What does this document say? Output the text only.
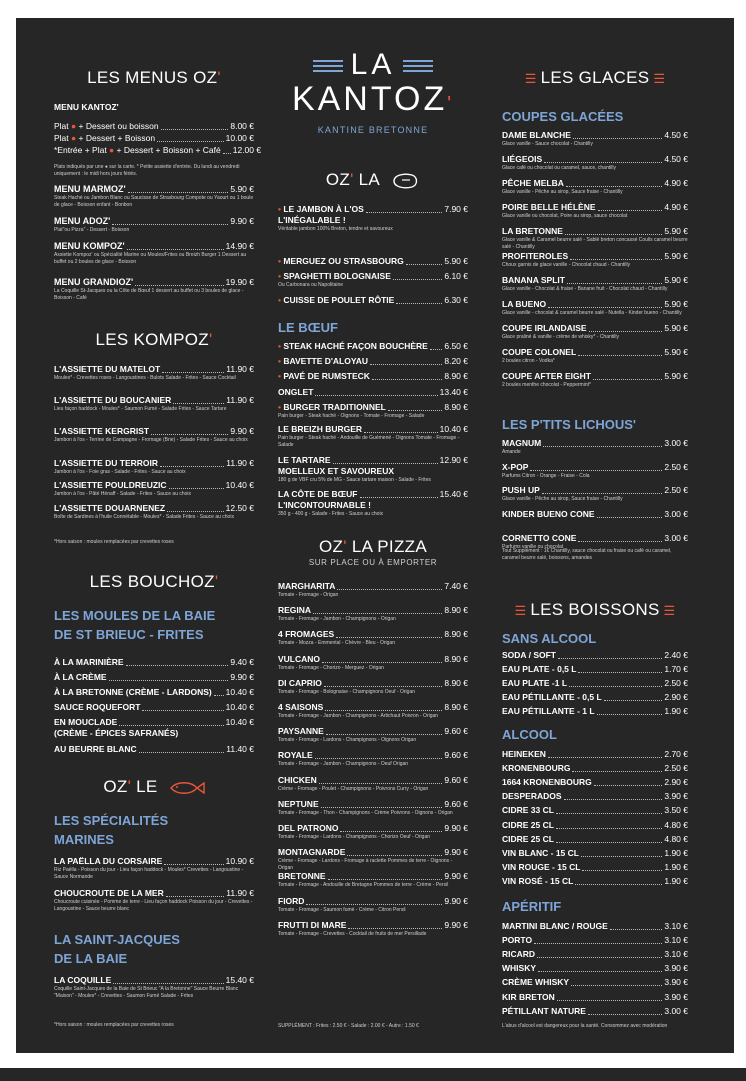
LES MENUS OZ'
MENU KANTOZ'
Plat ● + Dessert ou boisson	8.00 €
Plat ● + Dessert + Boisson	10.00 €
*Entrée + Plat ● + Dessert + Boisson + Café 12.00 €
Plats indiqués par une ● sur la carte. * Petite assiette d'entrée. Du lundi au vendredi uniquement : le midi hors jours fériés.
MENU MARMOZ'	5.90 €
Steak Haché ou Jambon Blanc ou Saucisse de Strasbourg Compote ou Yaourt ou 1 boule de glace - Boisson enfant - Bonbon
MENU ADOZ'	9.90 €
Plat"ou Pizza" - Dessert - Boisson
MENU KOMPOZ'	14.90 €
Assiette Kompoz' ou Spécialité Marine ou Moules/Frites ou Breizh Burger 1 Dessert au buffet ou 2 boules de glace - Boisson
MENU GRANDIOZ'	19.90 €
La Coquille St-Jacques ou la Côte de Bœuf 1 dessert au buffet ou 3 boules de glace - Boisson - Café
LES KOMPOZ'
L'ASSIETTE DU MATELOT	11.90 €
Moules* - Crevettes roses - Langoustines - Bulots Salade - Frites - Sauce Cocktail
L'ASSIETTE DU BOUCANIER	11.90 €
Lieu façon haddock - Moules* - Saumon Fumé - Salade Frites - Sauce Tartare
L'ASSIETTE KERGRIST	9.90 €
Jambon à l'os - Terrine de Campagne - Fromage (Brie) - Salade Frites - Sauce au choix
L'ASSIETTE DU TERROIR	11.90 €
Jambon à l'os - Foie gras - Salade - Frites - Sauce au choix
L'ASSIETTE POULDREUZIC	10.40 €
Jambon à l'os - Pâté Hénaff - Salade - Frites - Sauce au choix
L'ASSIETTE DOUARNENEZ	12.50 €
Boîte de Sardines à l'huile Connétable - Moules* - Salade Frites - Sauce au choix
*Hors saison : moules remplacées par crevettes roses
LES BOUCHOZ'
LES MOULES DE LA BAIE
DE ST BRIEUC - FRITES
À LA MARINIÈRE	9.40 €
À LA CRÈME	9.90 €
À LA BRETONNE (CRÈME - LARDONS) 10.40 €
SAUCE ROQUEFORT	10.40 €
EN MOUCLADE	10.40 €
(CRÈME - ÉPICES SAFRANÉS)
AU BEURRE BLANC	11.40 €
OZ' LE
LES SPÉCIALITÉS
MARINES
LA PAËLLA DU CORSAIRE	10.90 €
Riz Paëlla - Poisson du jour - Lieu façon haddock - Moules* Crevettes - Langoustine - Sauce Normande
CHOUCROUTE DE LA MER	11.90 €
Choucroute cuisinée - Pomme de terre - Lieu façon haddock Poisson du jour - Crevettes - Langoustine - Sauce beurre blanc
LA SAINT-JACQUES
DE LA BAIE
LA COQUILLE	15.40 €
Coquille Saint-Jacques de la Baie de St Brieuc "A la Bretonne" Sauce Beurre Blanc "Maison" - Moules* - Crevettes - Saumon Fumé Salade - Frites
*Hors saison : moules remplacées par crevettes roses
LA
KANTOZ'
KANTINE BRETONNE
OZ' LA
• LE JAMBON À L'OS	7.90 €
L'INÉGALABLE !
Véritable jambon 100% Breton, tendre et savoureux
• MERGUEZ OU STRASBOURG	5.90 €
• SPAGHETTI BOLOGNAISE	6.10 €
Ou Carbonara ou Napolitaine
• CUISSE DE POULET RÔTIE	6.30 €
LE BŒUF
• STEAK HACHÉ FAÇON BOUCHÈRE 6.50 €
• BAVETTE D'ALOYAU	8.20 €
• PAVÉ DE RUMSTECK	8.90 €
ONGLET	13.40 €
• BURGER TRADITIONNEL	8.90 €
Pain burger - Steak haché - Oignons - Tomate - Fromage - Salade
LE BREIZH BURGER	10.40 €
Pain burger - Steak haché - Andouille de Guémené - Oignons Tomate - Fromage - Salade
LE TARTARE	12.90 €
MOELLEUX ET SAVOUREUX
180 g de VBF cru 5% de MG - Sauce tartare maison - Salade - Frites
LA CÔTE DE BŒUF	15.40 €
L'INCONTOURNABLE !
350 g - 400 g - Salade - Frites - Sauce au choix
OZ' LA PIZZA
SUR PLACE OU À EMPORTER
MARGHARITA	7.40 €
Tomate - Fromage - Origan
REGINA	8.90 €
Tomate - Fromage - Jambon - Champignons - Origan
4 FROMAGES	8.90 €
Tomate - Mozza - Emmental - Chèvre - Bleu - Origan
VULCANO	8.90 €
Tomate - Fromage - Chorizo - Merguez - Origan
DI CAPRIO	8.90 €
Tomate - Fromage - Bolognaise - Champignons Oeuf - Origan
4 SAISONS	8.90 €
Tomate - Fromage - Jambon - Champignons - Artichaut Poivron - Origan
PAYSANNE	9.60 €
Tomate - Fromage - Lardons - Champignons - Oignons Origan
ROYALE	9.60 €
Tomate - Fromage - Jambon - Champignons - Oeuf Origan
CHICKEN	9.60 €
Crème - Fromage - Poulet - Champignons - Poivrons Curry - Origan
NEPTUNE	9.60 €
Tomate - Fromage - Thon - Champignons - Crème Poivrons - Oignons - Origan
DEL PATRONO	9.90 €
Tomate - Fromage - Lardons - Champignons - Chorizo Oeuf - Origan
MONTAGNARDE	9.90 €
Crème - Fromage - Lardons - Fromage à raclette Pommes de terre - Oignons - Origan
BRETONNE	9.90 €
Tomate - Fromage - Andouille de Bretagne Pommes de terre - Crème - Persil
FIORD	9.90 €
Tomate - Fromage - Saumon fumé - Crème - Citron Persil
FRUTTI DI MARE	9.90 €
Tomate - Fromage - Crevettes - Cocktail de fruits de mer Persillade
SUPPLÉMENT : Frites : 2.50 € - Salade : 2.00 € - Autre : 1.50 €
☰ LES GLACES ☰
COUPES GLACÉES
DAME BLANCHE	4.50 €
Glace vanille - Sauce chocolat - Chantilly
LIÉGEOIS	4.50 €
Glace café ou chocolat ou caramel, sauce, chantilly
PÊCHE MELBA	4.90 €
Glace vanille - Pêche au sirop, Sauce fraise - Chantilly
POIRE BELLE HÉLÈNE	4.90 €
Glace vanille ou chocolat, Poire au sirop, sauce chocolat
LA BRETONNE	5.90 €
Glace vanille & Caramel beurre salé - Sablé breton concassé Coulis caramel beurre salé - Chantilly
PROFITEROLES	5.90 €
Choux garnis de glace vanille - Chocolat chaud - Chantilly
BANANA SPLIT	5.90 €
Glace vanille - Chocolat & fraise - Banane fruit - Chocolat chaud - Chantilly
LA BUENO	5.90 €
Glace vanille - chocolat & caramel beurre salé - Nutella - Kinder bueno - Chantilly
COUPE IRLANDAISE	5.90 €
Glace praliné & vanille - crème de whisky* - Chantilly
COUPE COLONEL	5.90 €
2 boules citron - Vodka*
COUPE AFTER EIGHT	5.90 €
2 boules menthe chocolat - Peppermint*
LES P'TITS LICHOUS'
MAGNUM	3.00 €
Amande
X-POP	2.50 €
Parfums Citron - Orange - Fraise - Cola
PUSH UP	2.50 €
Glace vanille - Pêche au sirop, Sauce fraise - Chantilly
KINDER BUENO CONE	3.00 €
CORNETTO CONE	3.00 €
Parfums vanille ou chocolat
Tout Supplément : 1€ Chantilly, sauce chocolat ou fraise ou café ou caramel, caramel beurre salé, boissons, amandes
☰ LES BOISSONS ☰
SANS ALCOOL
SODA / SOFT	2.40 €
EAU PLATE - 0,5 L	1.70 €
EAU PLATE -1 L	2.50 €
EAU PÉTILLANTE - 0,5 L	2.90 €
EAU PÉTILLANTE - 1 L	1.90 €
ALCOOL
HEINEKEN	2.70 €
KRONENBOURG	2.50 €
1664 KRONENBOURG	2.90 €
DESPERADOS	3.90 €
CIDRE 33 CL	3.50 €
CIDRE 25 CL	4.80 €
CIDRE 25 CL	4.80 €
VIN BLANC - 15 CL	1.90 €
VIN ROUGE - 15 CL	1.90 €
VIN ROSÉ - 15 CL	1.90 €
APÉRITIF
MARTINI BLANC / ROUGE	3.10 €
PORTO	3.10 €
RICARD	3.10 €
WHISKY	3.90 €
CRÈME WHISKY	3.90 €
KIR BRETON	3.90 €
PÉTILLANT NATURE	3.00 €
L'abus d'alcool est dangereux pour la santé. Consommez avec modération
